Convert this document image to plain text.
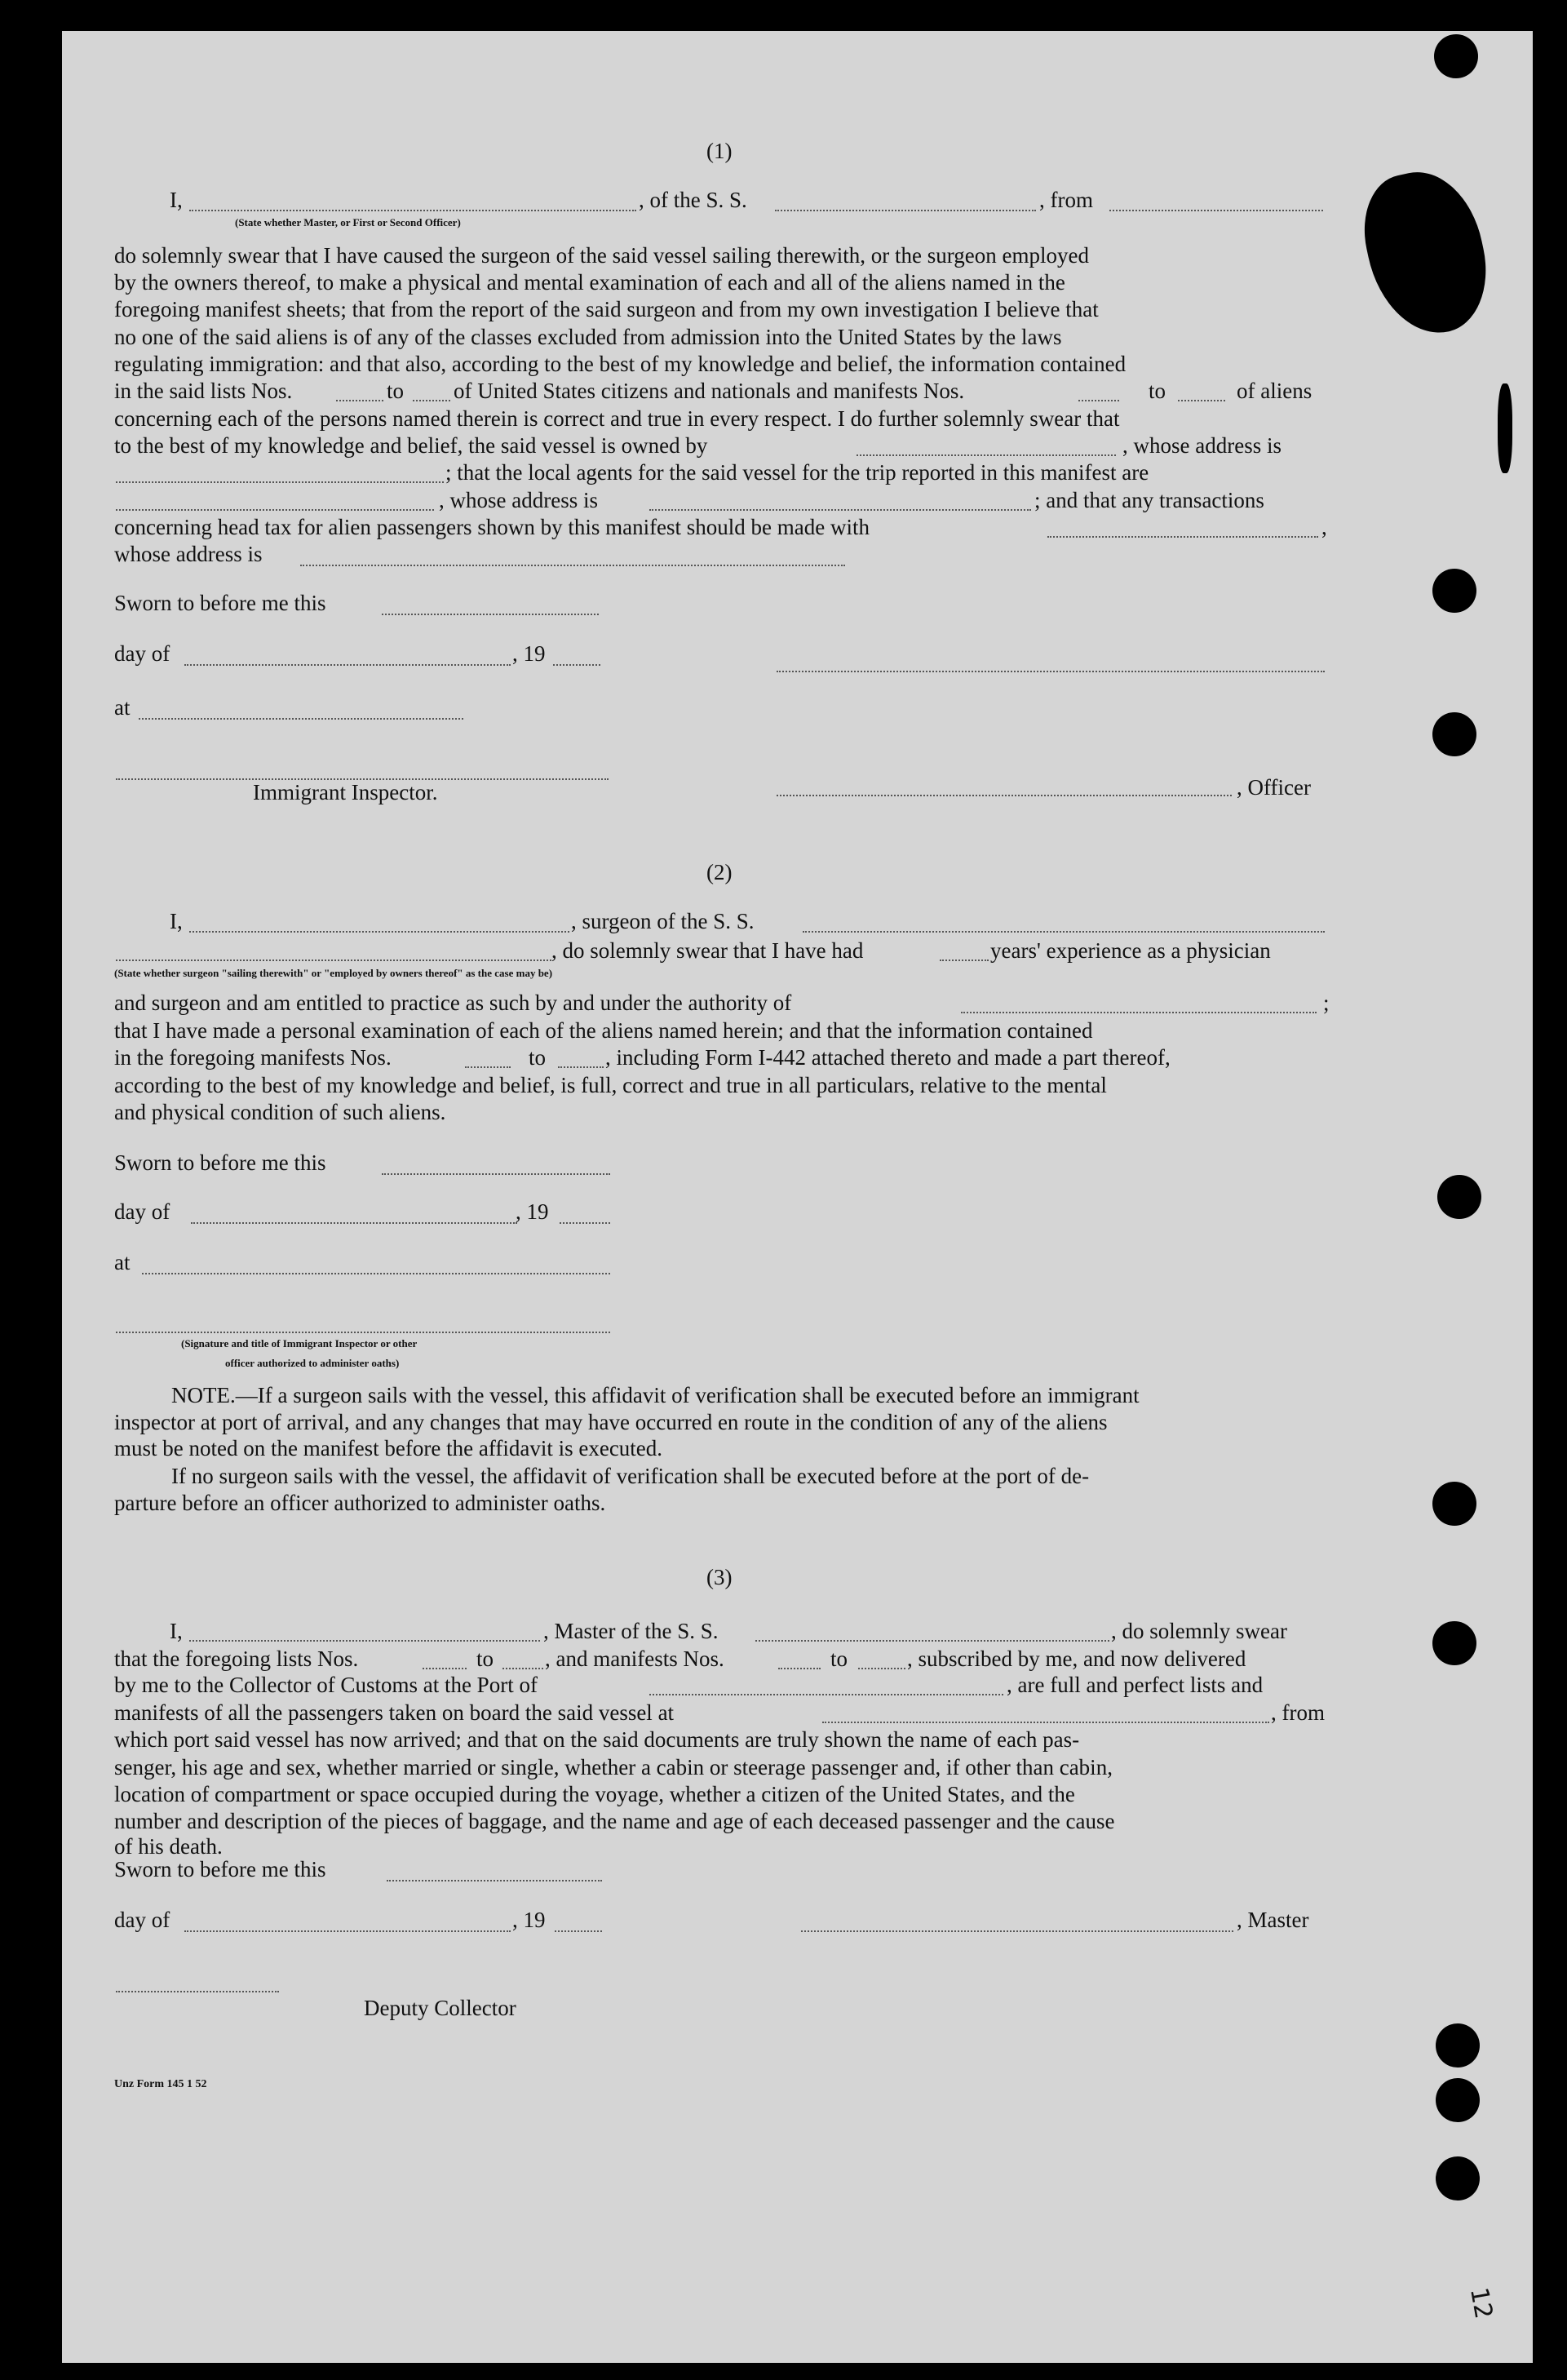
(1)
I,	, of the S. S.	, from
(State whether Master, or First or Second Officer)
do solemnly swear that I have caused the surgeon of the said vessel sailing therewith, or the surgeon employed
by the owners thereof, to make a physical and mental examination of each and all of the aliens named in the
foregoing manifest sheets; that from the report of the said surgeon and from my own investigation I believe that
no one of the said aliens is of any of the classes excluded from admission into the United States by the laws
regulating immigration: and that also, according to the best of my knowledge and belief, the information contained
in the said lists Nos.	to of United States citizens and nationals and manifests Nos.	to	of aliens
concerning each of the persons named therein is correct and true in every respect. I do further solemnly swear that
to the best of my knowledge and belief, the said vessel is owned by	, whose address is
; that the local agents for the said vessel for the trip reported in this manifest are
, whose address is	; and that any transactions
concerning head tax for alien passengers shown by this manifest should be made with	,
whose address is
Sworn to before me this
day of	, 19
at
Immigrant Inspector.	, Officer
(2)
I,	, surgeon of the S. S.
, do solemnly swear that I have had	years' experience as a physician
(State whether surgeon "sailing therewith" or "employed by owners thereof" as the case may be)
and surgeon and am entitled to practice as such by and under the authority of	;
that I have made a personal examination of each of the aliens named herein; and that the information contained
in the foregoing manifests Nos.	to	, including Form I-442 attached thereto and made a part thereof,
according to the best of my knowledge and belief, is full, correct and true in all particulars, relative to the mental
and physical condition of such aliens.
Sworn to before me this
day of	, 19
at
(Signature and title of Immigrant Inspector or other
officer authorized to administer oaths)
NOTE.—If a surgeon sails with the vessel, this affidavit of verification shall be executed before an immigrant
inspector at port of arrival, and any changes that may have occurred en route in the condition of any of the aliens
must be noted on the manifest before the affidavit is executed.
If no surgeon sails with the vessel, the affidavit of verification shall be executed before at the port of de-
parture before an officer authorized to administer oaths.
(3)
I,	, Master of the S. S.	, do solemnly swear
that the foregoing lists Nos.	to , and manifests Nos.	to	, subscribed by me, and now delivered
by me to the Collector of Customs at the Port of	, are full and perfect lists and
manifests of all the passengers taken on board the said vessel at	, from
which port said vessel has now arrived; and that on the said documents are truly shown the name of each pas-
senger, his age and sex, whether married or single, whether a cabin or steerage passenger and, if other than cabin,
location of compartment or space occupied during the voyage, whether a citizen of the United States, and the
number and description of the pieces of baggage, and the name and age of each deceased passenger and the cause
of his death.
Sworn to before me this
day of	, 19	, Master
Deputy Collector
Unz Form 145 1 52
12
